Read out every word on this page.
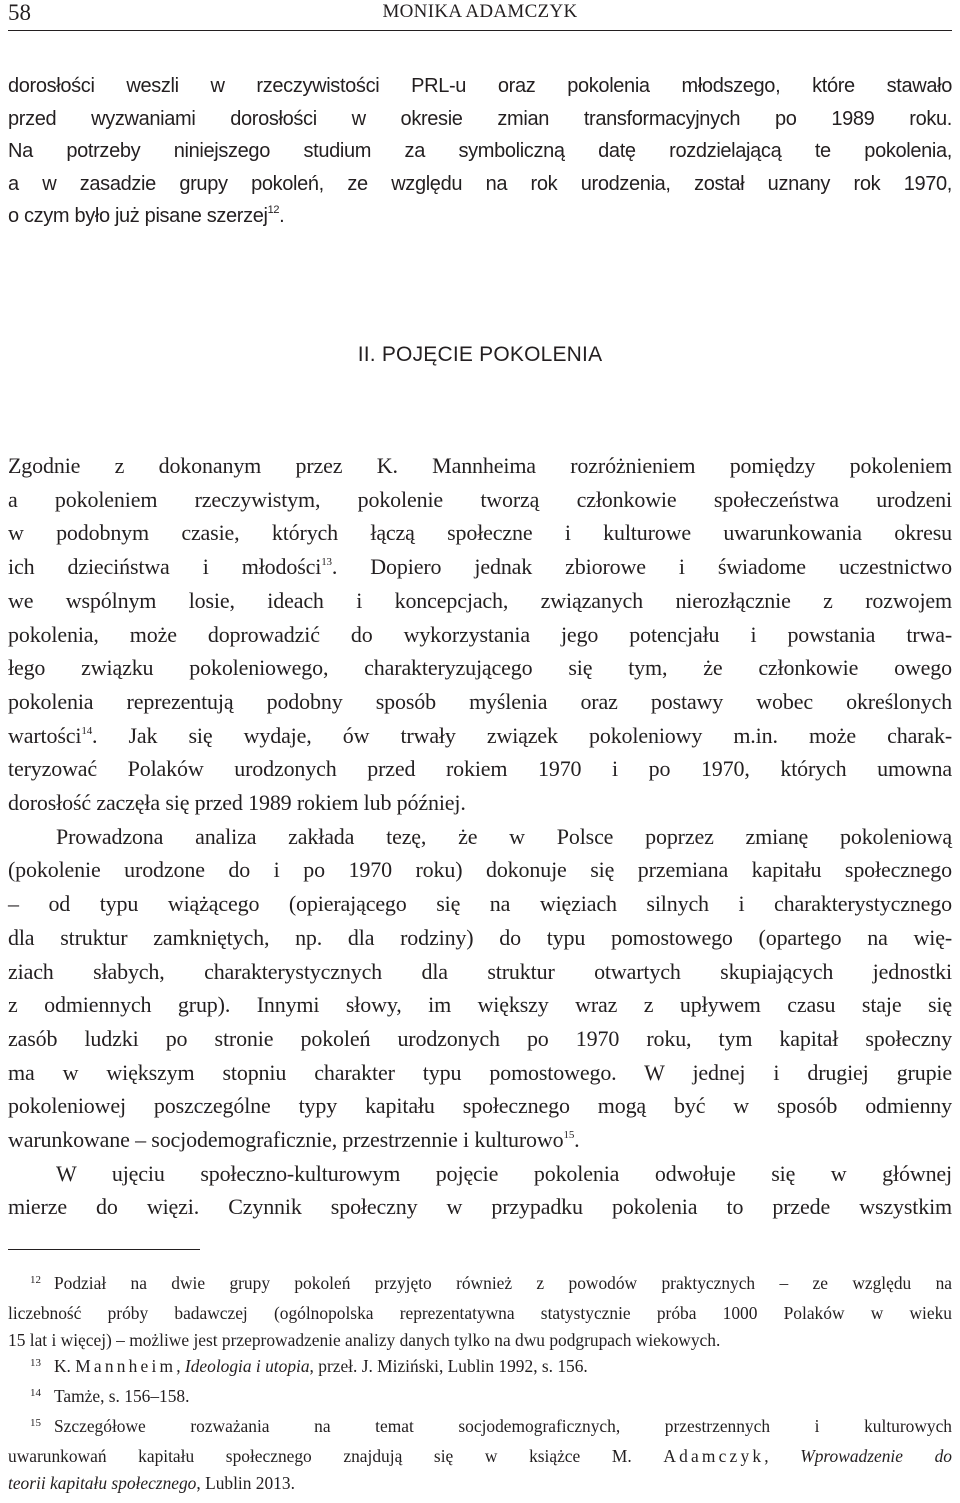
58	MONIKA ADAMCZYK

dorosłości weszli w rzeczywistości PRL-u oraz pokolenia młodszego, które stawało
przed wyzwaniami dorosłości w okresie zmian transformacyjnych po 1989 roku.
Na potrzeby niniejszego studium za symboliczną datę rozdzielającą te pokolenia,
a w zasadzie grupy pokoleń, ze względu na rok urodzenia, został uznany rok 1970,
o czym było już pisane szerzej$^{12}$.

II. POJĘCIE POKOLENIA
Zgodnie z dokonanym przez K. Mannheima rozróżnieniem pomiędzy pokoleniem
a pokoleniem rzeczywistym, pokolenie tworzą członkowie społeczeństwa urodzeni
w podobnym czasie, których łączą społeczne i kulturowe uwarunkowania okresu
ich dzieciństwa i młodości$^{13}$. Dopiero jednak zbiorowe i świadome uczestnictwo
we wspólnym losie, ideach i koncepcjach, związanych nierozłącznie z rozwojem
pokolenia, może doprowadzić do wykorzystania jego potencjału i powstania trwa-
łego związku pokoleniowego, charakteryzującego się tym, że członkowie owego
pokolenia reprezentują podobny sposób myślenia oraz postawy wobec określonych
wartości$^{14}$. Jak się wydaje, ów trwały związek pokoleniowy m.in. może charak-
teryzować Polaków urodzonych przed rokiem 1970 i po 1970, których umowna
dorosłość zaczęła się przed 1989 rokiem lub później.
Prowadzona analiza zakłada tezę, że w Polsce poprzez zmianę pokoleniową
(pokolenie urodzone do i po 1970 roku) dokonuje się przemiana kapitału społecznego
– od typu wiążącego (opierającego się na więziach silnych i charakterystycznego
dla struktur zamkniętych, np. dla rodziny) do typu pomostowego (opartego na wię-
ziach słabych, charakterystycznych dla struktur otwartych skupiających jednostki
z odmiennych grup). Innymi słowy, im większy wraz z upływem czasu staje się
zasób ludzki po stronie pokoleń urodzonych po 1970 roku, tym kapitał społeczny
ma w większym stopniu charakter typu pomostowego. W jednej i drugiej grupie
pokoleniowej poszczególne typy kapitału społecznego mogą być w sposób odmienny
warunkowane – socjodemograficznie, przestrzennie i kulturowo$^{15}$.
W ujęciu społeczno-kulturowym pojęcie pokolenia odwołuje się w głównej
mierze do więzi. Czynnik społeczny w przypadku pokolenia to przede wszystkim
12 Podział na dwie grupy pokoleń przyjęto również z powodów praktycznych – ze względu na
liczebność próby badawczej (ogólnopolska reprezentatywna statystycznie próba 1000 Polaków w wieku
15 lat i więcej) – możliwe jest przeprowadzenie analizy danych tylko na dwu podgrupach wiekowych.
13 K. Mannheim, Ideologia i utopia, przeł. J. Miziński, Lublin 1992, s. 156.
14 Tamże, s. 156–158.
15 Szczegółowe rozważania na temat socjodemograficznych, przestrzennych i kulturowych
uwarunkowań kapitału społecznego znajdują się w książce M. Adamczyk, Wprowadzenie do
teorii kapitału społecznego, Lublin 2013.
